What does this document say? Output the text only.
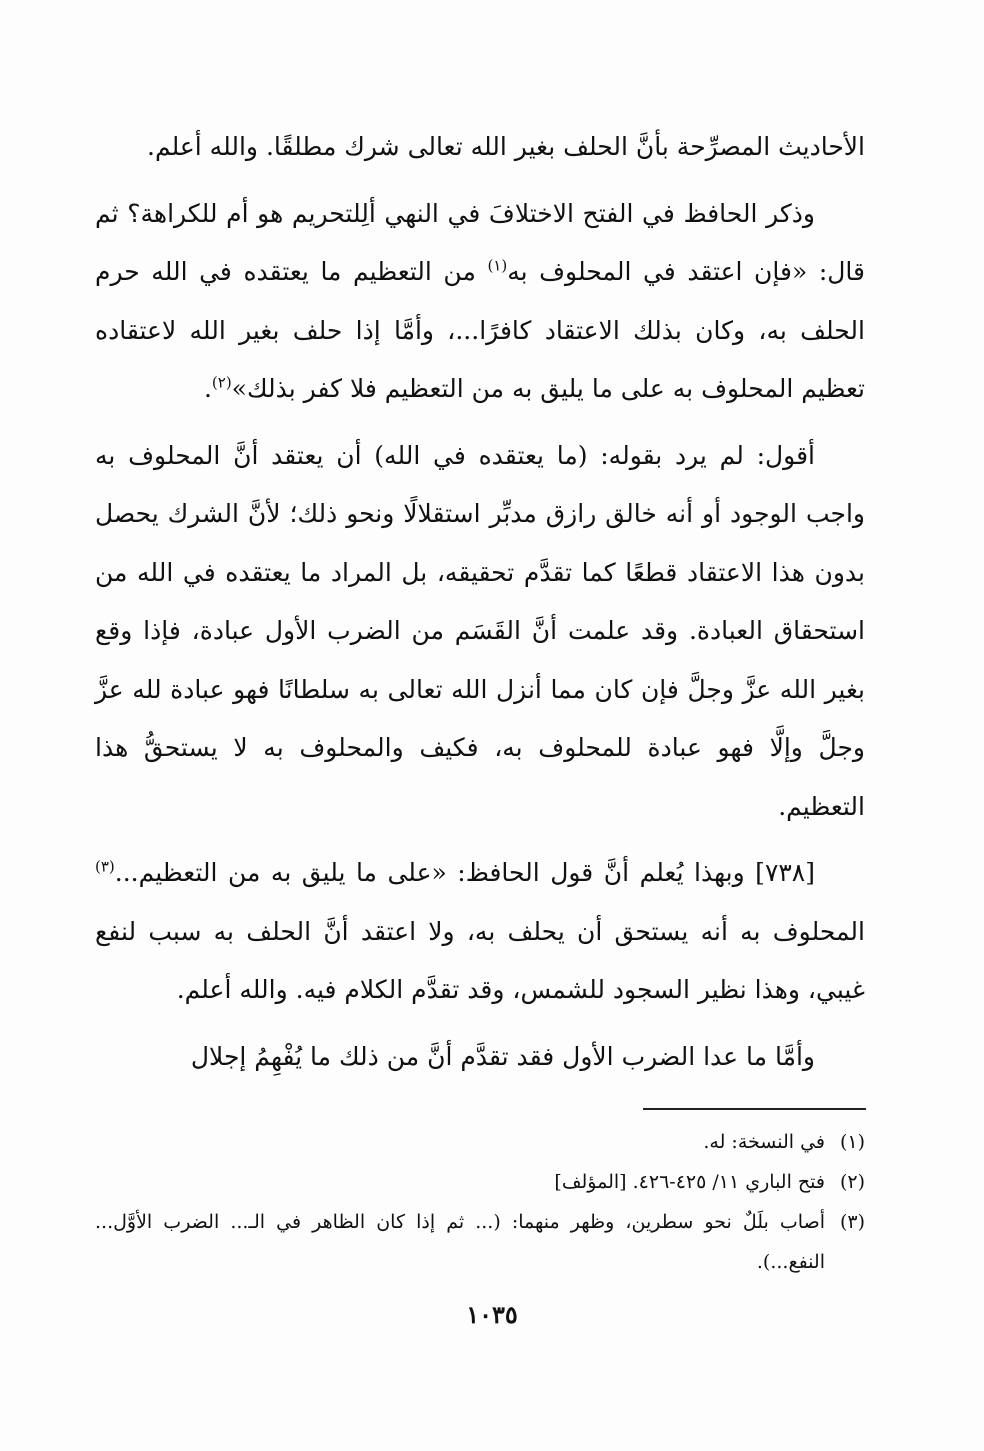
الأحاديث المصرِّحة بأنَّ الحلف بغير الله تعالى شرك مطلقًا. والله أعلم.

وذكر الحافظ في الفتح الاختلافَ في النهي ألِلتحريم هو أم للكراهة؟ ثم قال: «فإن اعتقد في المحلوف به$^{(١)}$ من التعظيم ما يعتقده في الله حرم الحلف به، وكان بذلك الاعتقاد كافرًا...، وأمَّا إذا حلف بغير الله لاعتقاده تعظيم المحلوف به على ما يليق به من التعظيم فلا كفر بذلك»$^{(٢)}$.

أقول: لم يرد بقوله: (ما يعتقده في الله) أن يعتقد أنَّ المحلوف به واجب الوجود أو أنه خالق رازق مدبِّر استقلالًا ونحو ذلك؛ لأنَّ الشرك يحصل بدون هذا الاعتقاد قطعًا كما تقدَّم تحقيقه، بل المراد ما يعتقده في الله من استحقاق العبادة. وقد علمت أنَّ القَسَم من الضرب الأول عبادة، فإذا وقع بغير الله عزَّ وجلَّ فإن كان مما أنزل الله تعالى به سلطانًا فهو عبادة لله عزَّ وجلَّ وإلَّا فهو عبادة للمحلوف به، فكيف والمحلوف به لا يستحقُّ هذا التعظيم.

[٧٣٨] وبهذا يُعلم أنَّ قول الحافظ: «على ما يليق به من التعظيم...$^{(٣)}$ المحلوف به أنه يستحق أن يحلف به، ولا اعتقد أنَّ الحلف به سبب لنفع غيبي، وهذا نظير السجود للشمس، وقد تقدَّم الكلام فيه. والله أعلم.

وأمَّا ما عدا الضرب الأول فقد تقدَّم أنَّ من ذلك ما يُفْهِمُ إجلال

(١)
في النسخة: له.
(٢)
فتح الباري ١١/ ٤٢٥-٤٢٦. [المؤلف]
(٣)
أصاب بلَلٌ نحو سطرين، وظهر منهما: (... ثم إذا كان الظاهر في الـ... الضرب الأوَّل... النفع...).
١٠٣٥
